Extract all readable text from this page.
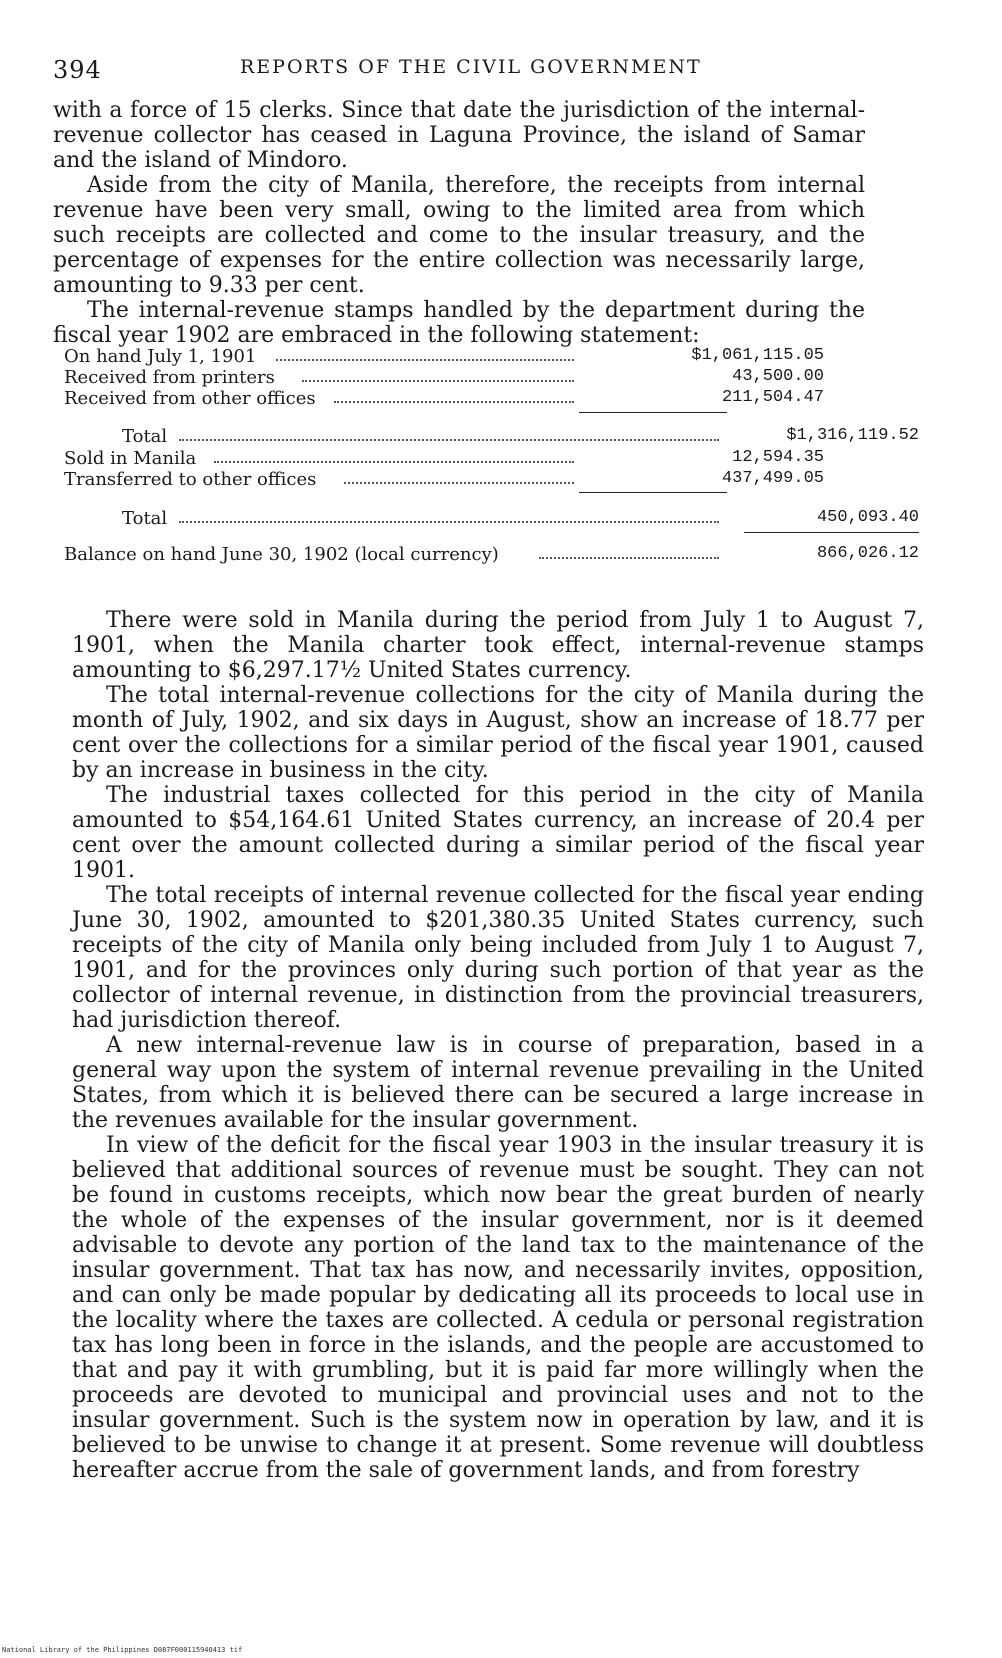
394	REPORTS OF THE CIVIL GOVERNMENT

with a force of 15 clerks. Since that date the jurisdiction of the internal-revenue collector has ceased in Laguna Province, the island of Samar and the island of Mindoro.

Aside from the city of Manila, therefore, the receipts from internal revenue have been very small, owing to the limited area from which such receipts are collected and come to the insular treasury, and the percentage of expenses for the entire collection was necessarily large, amounting to 9.33 per cent.

The internal-revenue stamps handled by the department during the fiscal year 1902 are embraced in the following statement:

On hand July 1, 1901	$1,061,115.05
Received from printers	43,500.00
Received from other offices	211,504.47
Total	$1,316,119.52
Sold in Manila	12,594.35
Transferred to other offices	437,499.05
Total	450,093.40
Balance on hand June 30, 1902 (local currency)	866,026.12

There were sold in Manila during the period from July 1 to August 7, 1901, when the Manila charter took effect, internal-revenue stamps amounting to $6,297.17½ United States currency.

The total internal-revenue collections for the city of Manila during the month of July, 1902, and six days in August, show an increase of 18.77 per cent over the collections for a similar period of the fiscal year 1901, caused by an increase in business in the city.

The industrial taxes collected for this period in the city of Manila amounted to $54,164.61 United States currency, an increase of 20.4 per cent over the amount collected during a similar period of the fiscal year 1901.

The total receipts of internal revenue collected for the fiscal year ending June 30, 1902, amounted to $201,380.35 United States currency, such receipts of the city of Manila only being included from July 1 to August 7, 1901, and for the provinces only during such portion of that year as the collector of internal revenue, in distinction from the provincial treasurers, had jurisdiction thereof.

A new internal-revenue law is in course of preparation, based in a general way upon the system of internal revenue prevailing in the United States, from which it is believed there can be secured a large increase in the revenues available for the insular government.

In view of the deficit for the fiscal year 1903 in the insular treasury it is believed that additional sources of revenue must be sought. They can not be found in customs receipts, which now bear the great burden of nearly the whole of the expenses of the insular government, nor is it deemed advisable to devote any portion of the land tax to the maintenance of the insular government. That tax has now, and necessarily invites, opposition, and can only be made popular by dedicating all its proceeds to local use in the locality where the taxes are collected. A cedula or personal registration tax has long been in force in the islands, and the people are accustomed to that and pay it with grumbling, but it is paid far more willingly when the proceeds are devoted to municipal and provincial uses and not to the insular government. Such is the system now in operation by law, and it is believed to be unwise to change it at present. Some revenue will doubtless hereafter accrue from the sale of government lands, and from forestry

National Library of the Philippines D087F000115940413 tif
